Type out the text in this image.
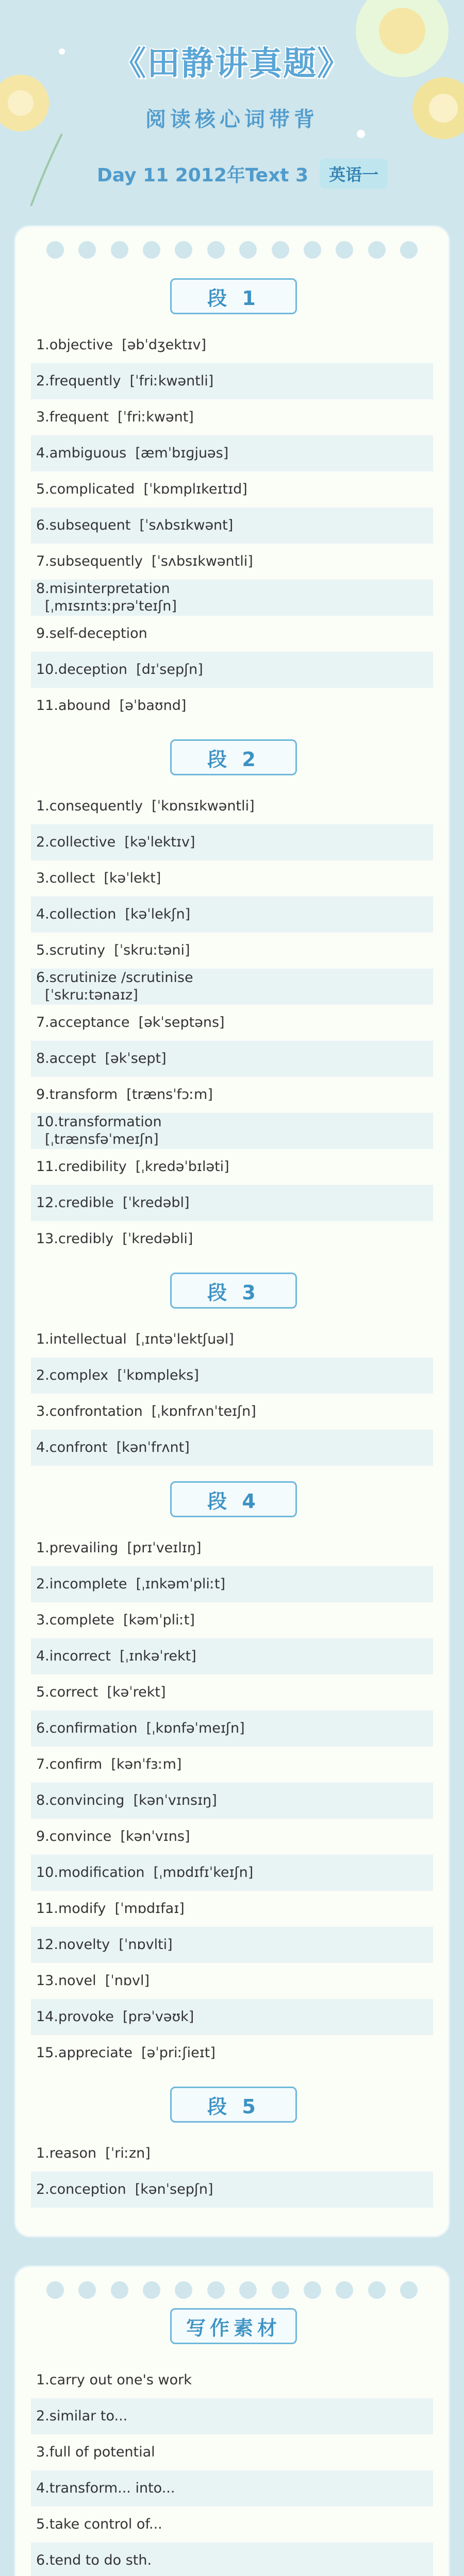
《田静讲真题》
阅读核心词带背
Day 11 2012年Text 3	英语一
段 1
1.objective  [əbˈdʒektɪv]
2.frequently  [ˈfriːkwəntli]
3.frequent  [ˈfriːkwənt]
4.ambiguous  [æmˈbɪɡjuəs]
5.complicated  [ˈkɒmplɪkeɪtɪd]
6.subsequent  [ˈsʌbsɪkwənt]
7.subsequently  [ˈsʌbsɪkwəntli]
8.misinterpretation
[ˌmɪsɪntɜːprəˈteɪʃn]
9.self-deception
10.deception  [dɪˈsepʃn]
11.abound  [əˈbaʊnd]
段 2
1.consequently  [ˈkɒnsɪkwəntli]
2.collective  [kəˈlektɪv]
3.collect  [kəˈlekt]
4.collection  [kəˈlekʃn]
5.scrutiny  [ˈskruːtəni]
6.scrutinize /scrutinise
[ˈskruːtənaɪz]
7.acceptance  [əkˈseptəns]
8.accept  [əkˈsept]
9.transform  [trænsˈfɔːm]
10.transformation
[ˌtrænsfəˈmeɪʃn]
11.credibility  [ˌkredəˈbɪləti]
12.credible  [ˈkredəbl]
13.credibly  [ˈkredəbli]
段 3
1.intellectual  [ˌɪntəˈlektʃuəl]
2.complex  [ˈkɒmpleks]
3.confrontation  [ˌkɒnfrʌnˈteɪʃn]
4.confront  [kənˈfrʌnt]
段 4
1.prevailing  [prɪˈveɪlɪŋ]
2.incomplete  [ˌɪnkəmˈpliːt]
3.complete  [kəmˈpliːt]
4.incorrect  [ˌɪnkəˈrekt]
5.correct  [kəˈrekt]
6.confirmation  [ˌkɒnfəˈmeɪʃn]
7.confirm  [kənˈfɜːm]
8.convincing  [kənˈvɪnsɪŋ]
9.convince  [kənˈvɪns]
10.modification  [ˌmɒdɪfɪˈkeɪʃn]
11.modify  [ˈmɒdɪfaɪ]
12.novelty  [ˈnɒvlti]
13.novel  [ˈnɒvl]
14.provoke  [prəˈvəʊk]
15.appreciate  [əˈpriːʃieɪt]
段 5
1.reason  [ˈriːzn]
2.conception  [kənˈsepʃn]
写作素材
1.carry out one's work
2.similar to...
3.full of potential
4.transform... into...
5.take control of...
6.tend to do sth.
